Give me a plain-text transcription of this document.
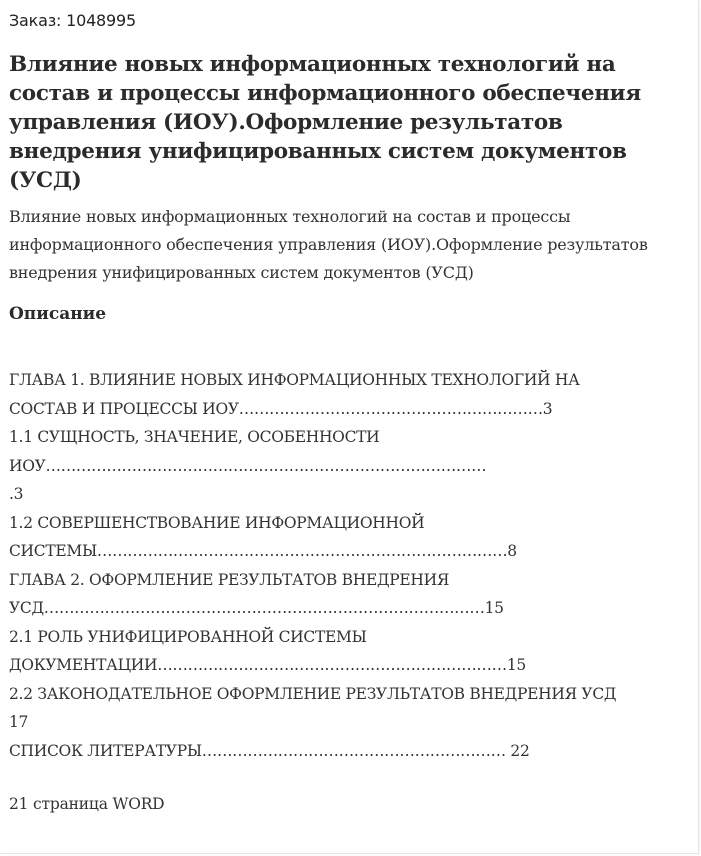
Заказ: 1048995
Влияние новых информационных технологий на состав и процессы информационного обеспечения управления (ИОУ).Оформление результатов внедрения унифицированных систем документов (УСД)

Влияние новых информационных технологий на состав и процессы информационного обеспечения управления (ИОУ).Оформление результатов внедрения унифицированных систем документов (УСД)

Описание
ГЛАВА 1. ВЛИЯНИЕ НОВЫХ ИНФОРМАЦИОННЫХ ТЕХНОЛОГИЙ НА
СОСТАВ И ПРОЦЕССЫ ИОУ……………………………………………………3
1.1 СУЩНОСТЬ, ЗНАЧЕНИЕ, ОСОБЕННОСТИ
ИОУ……………………………………………………………………………
.3
1.2 СОВЕРШЕНСТВОВАНИЕ ИНФОРМАЦИОННОЙ
СИСТЕМЫ………………………………………………………………………8
ГЛАВА 2. ОФОРМЛЕНИЕ РЕЗУЛЬТАТОВ ВНЕДРЕНИЯ
УСД……………………………………………………………………………15
2.1 РОЛЬ УНИФИЦИРОВАННОЙ СИСТЕМЫ
ДОКУМЕНТАЦИИ……………………………………………………………15
2.2 ЗАКОНОДАТЕЛЬНОЕ ОФОРМЛЕНИЕ РЕЗУЛЬТАТОВ ВНЕДРЕНИЯ УСД
17
СПИСОК ЛИТЕРАТУРЫ…………………………………………………… 22

21 страница WORD
